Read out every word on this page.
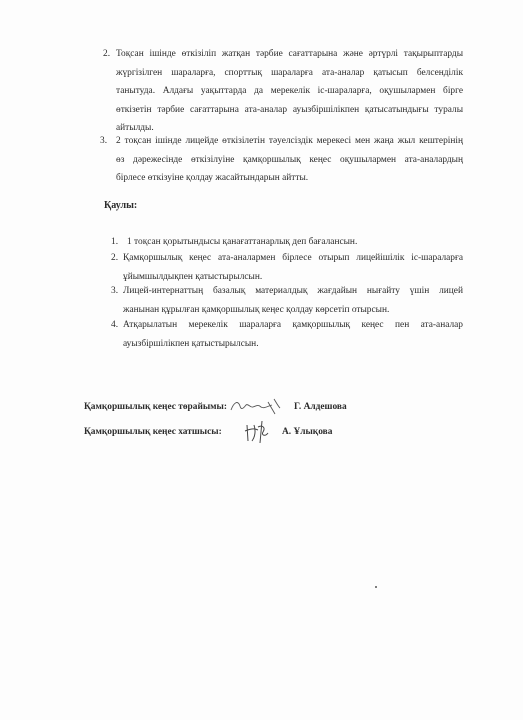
2. Тоқсан ішінде өткізіліп жатқан тәрбие сағаттарына және әртүрлі тақырыптарды
жүргізілген шараларға, спорттық шараларға ата-аналар қатысып белсенділік
танытуда. Алдағы уақыттарда да мерекелік іс-шараларға, оқушылармен бірге
өткізетін тәрбие сағаттарына ата-аналар ауызбіршілікпен қатысатындығы туралы
айтылды.
3. 2 тоқсан ішінде лицейде өткізілетін тәуелсіздік мерекесі мен жаңа жыл кештерінің
өз дәрежесінде өткізілуіне қамқоршылық кеңес оқушылармен ата-аналардың
бірлесе өткізуіне қолдау жасайтындарын айтты.
Қаулы:
1. 1 тоқсан қорытындысы қанағаттанарлық деп бағалансын.
2. Қамқоршылық кеңес ата-аналармен бірлесе отырып лицейішілік іс-шараларға
ұйымшылдықпен қатыстырылсын.
3. Лицей-интернаттың базалық материалдық жағдайын нығайту үшін лицей
жанынан құрылған қамқоршылық кеңес қолдау көрсетіп отырсын.
4. Атқарылатын мерекелік шараларға қамқоршылық кеңес пен ата-аналар
ауызбіршілікпен қатыстырылсын.
Қамқоршылық кеңес төрайымы:	Г. Алдешова
Қамқоршылық кеңес хатшысы:	А. Ұлықова
